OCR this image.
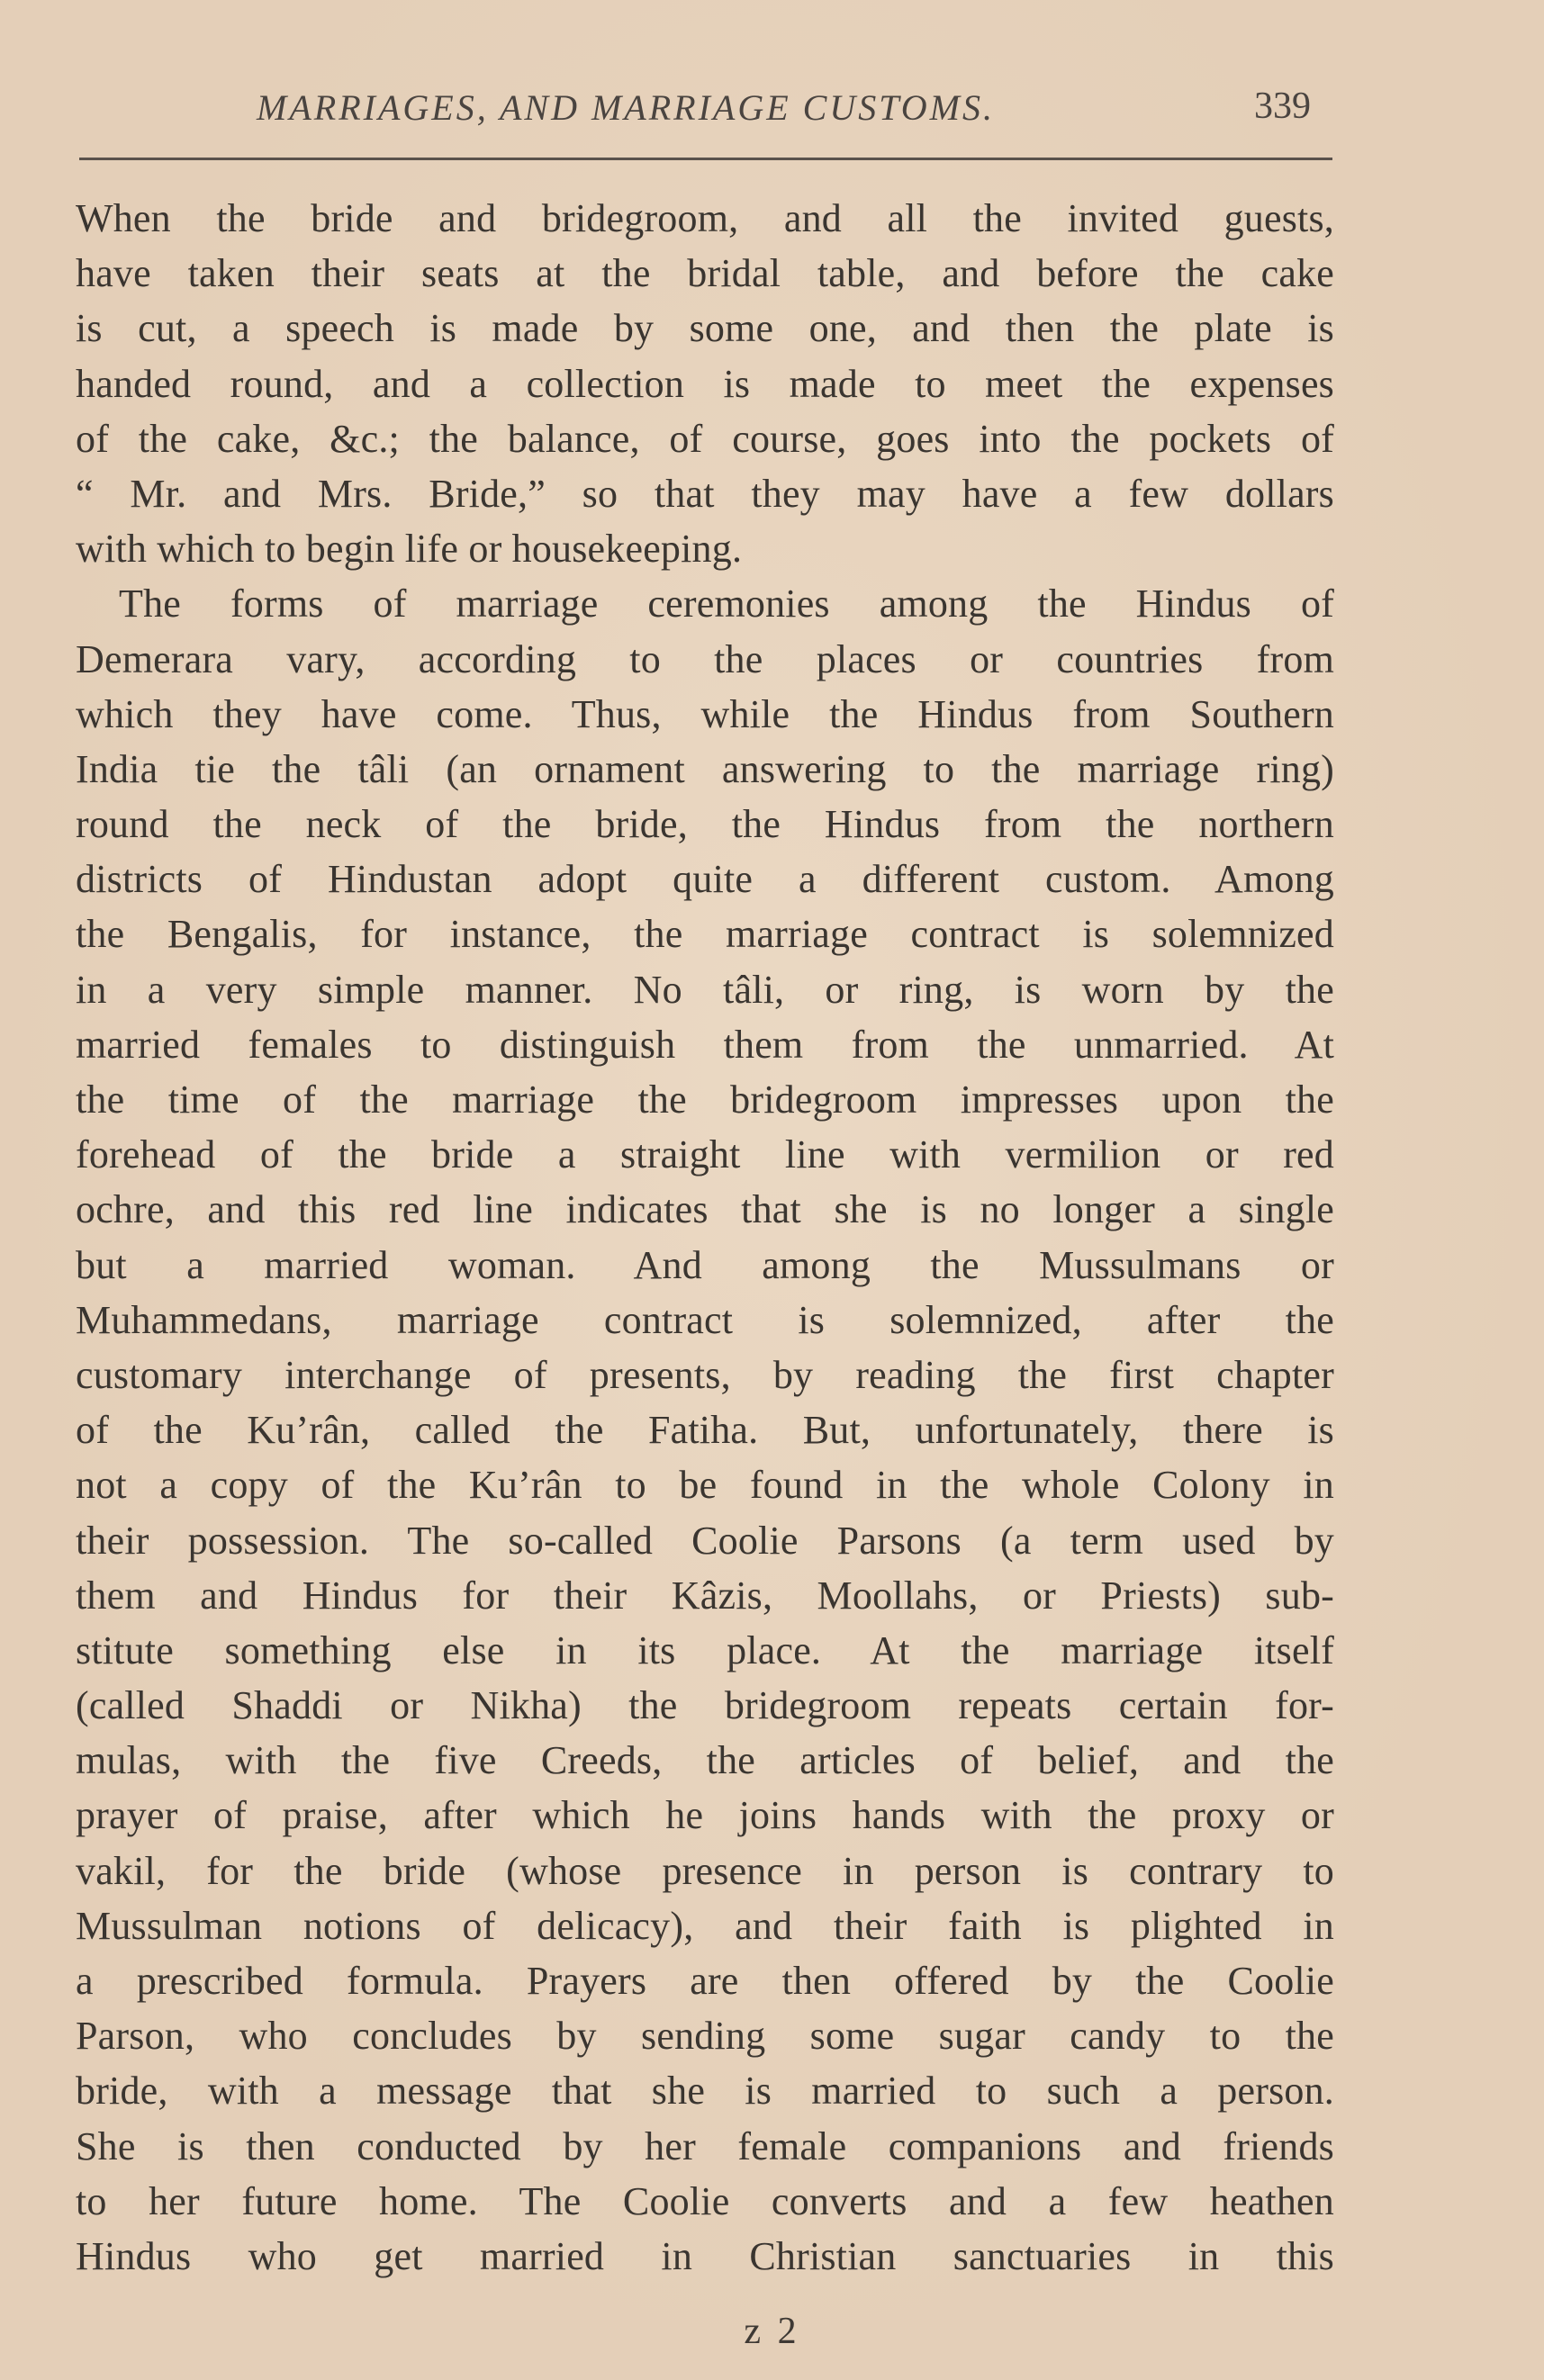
MARRIAGES, AND MARRIAGE CUSTOMS.	339
When the bride and bridegroom, and all the invited guests,
have taken their seats at the bridal table, and before the cake
is cut, a speech is made by some one, and then the plate is
handed round, and a collection is made to meet the expenses
of the cake, &c.; the balance, of course, goes into the pockets of
“ Mr. and Mrs. Bride,” so that they may have a few dollars
with which to begin life or housekeeping.
The forms of marriage ceremonies among the Hindus of
Demerara vary, according to the places or countries from
which they have come. Thus, while the Hindus from Southern
India tie the tâli (an ornament answering to the marriage ring)
round the neck of the bride, the Hindus from the northern
districts of Hindustan adopt quite a different custom. Among
the Bengalis, for instance, the marriage contract is solemnized
in a very simple manner. No tâli, or ring, is worn by the
married females to distinguish them from the unmarried. At
the time of the marriage the bridegroom impresses upon the
forehead of the bride a straight line with vermilion or red
ochre, and this red line indicates that she is no longer a single
but a married woman. And among the Mussulmans or
Muhammedans, marriage contract is solemnized, after the
customary interchange of presents, by reading the first chapter
of the Ku’rân, called the Fatiha. But, unfortunately, there is
not a copy of the Ku’rân to be found in the whole Colony in
their possession. The so-called Coolie Parsons (a term used by
them and Hindus for their Kâzis, Moollahs, or Priests) sub-
stitute something else in its place. At the marriage itself
(called Shaddi or Nikha) the bridegroom repeats certain for-
mulas, with the five Creeds, the articles of belief, and the
prayer of praise, after which he joins hands with the proxy or
vakil, for the bride (whose presence in person is contrary to
Mussulman notions of delicacy), and their faith is plighted in
a prescribed formula. Prayers are then offered by the Coolie
Parson, who concludes by sending some sugar candy to the
bride, with a message that she is married to such a person.
She is then conducted by her female companions and friends
to her future home. The Coolie converts and a few heathen
Hindus who get married in Christian sanctuaries in this
z 2
